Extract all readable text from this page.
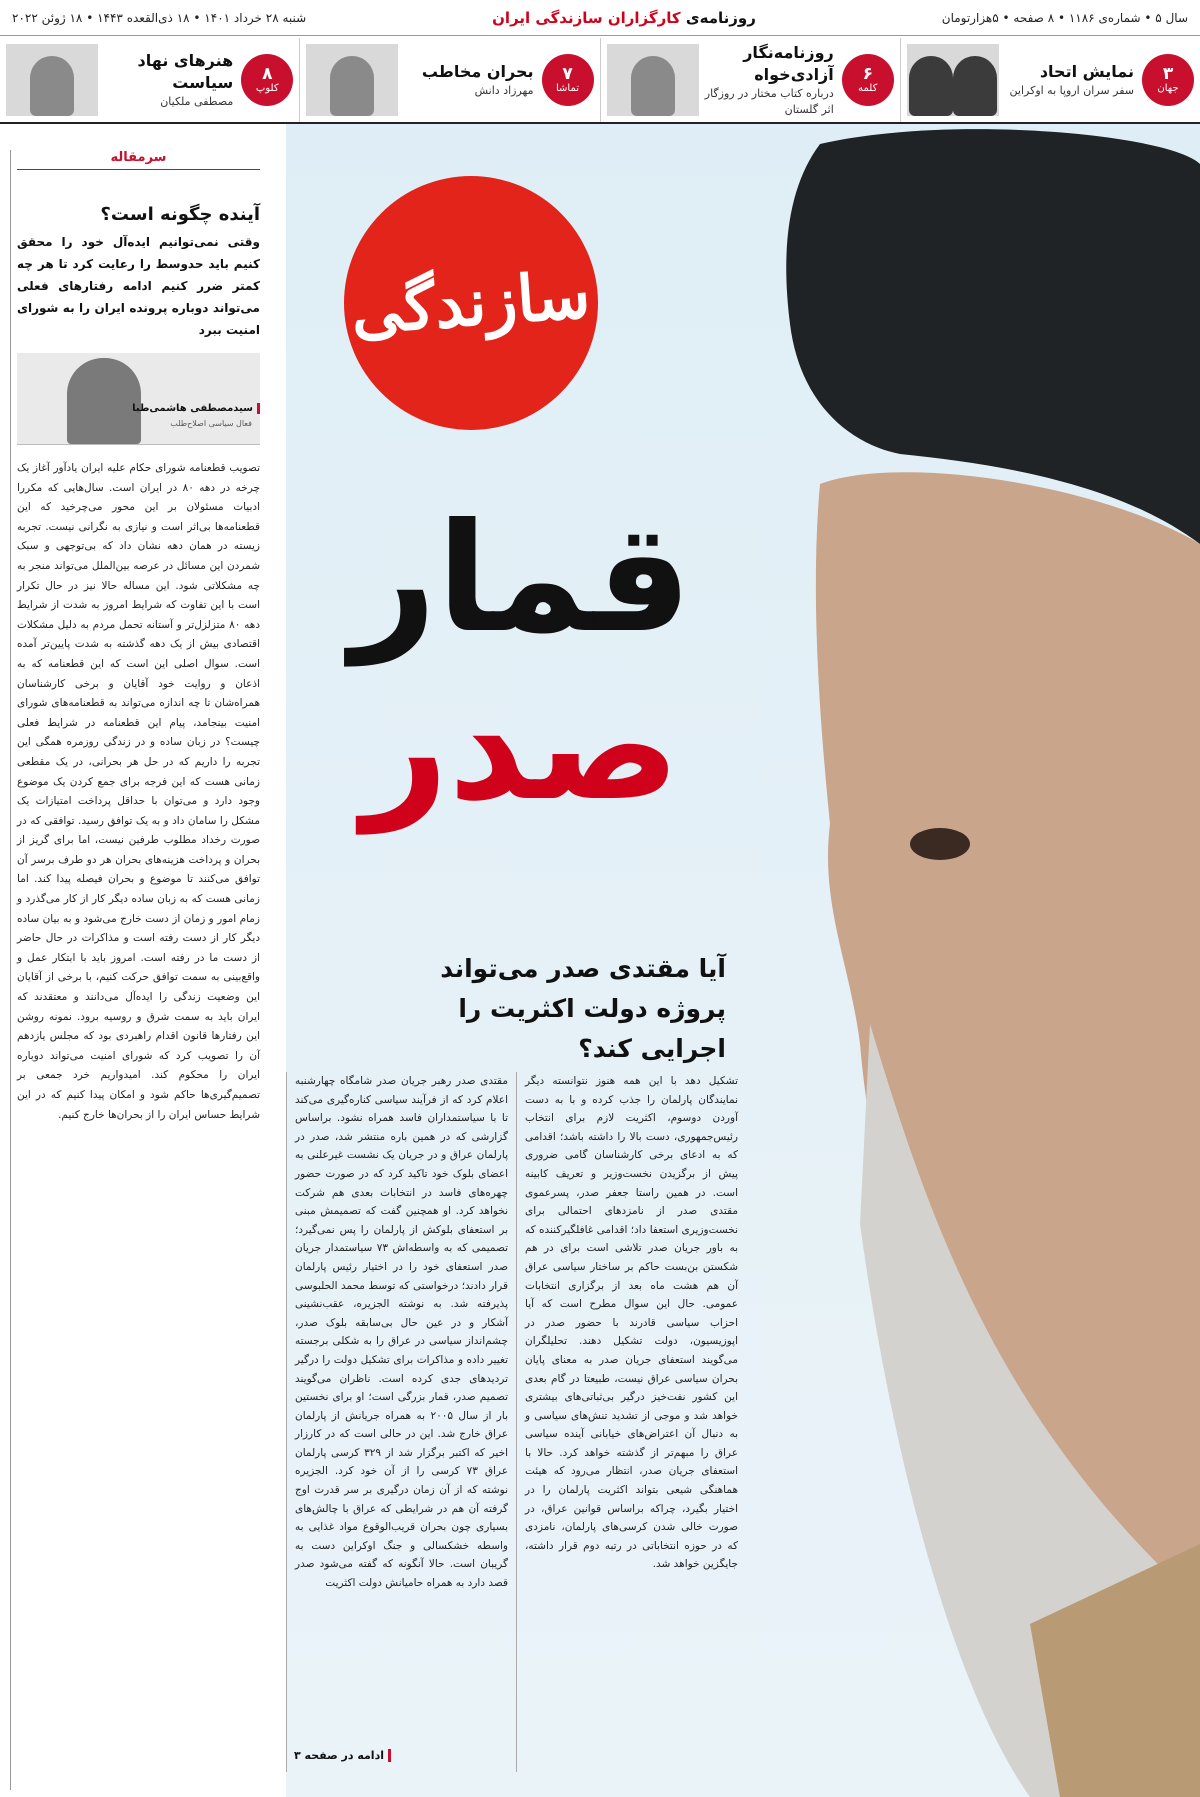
سال ۵ • شماره‌ی ۱۱۸۶ • ۸ صفحه • ۵هزارتومان
روزنامه‌ی کارگزاران سازندگی ایران
شنبه ۲۸ خرداد ۱۴۰۱ • ۱۸ ذی‌القعده ۱۴۴۳ • ۱۸ ژوئن ۲۰۲۲
۳
جهان
نمایش اتحاد
سفر سران اروپا به اوکراین
۶
کلمه
روزنامه‌نگار آزادی‌خواه
درباره کتاب مختار در روزگار اثر گلستان
۷
تماشا
بحران مخاطب
مهرزاد دانش
۸
کلوپ
هنرهای نهاد سیاست
مصطفی ملکیان
سرمقاله
آینده چگونه است؟
وقتی نمی‌توانیم ایده‌آل خود را محقق کنیم باید حدوسط را رعایت کرد تا هر چه کمتر ضرر کنیم ادامه رفتارهای فعلی می‌تواند دوباره پرونده ایران را به شورای امنیت ببرد
سیدمصطفی هاشمی‌طبا
فعال سیاسی اصلاح‌طلب
تصویب قطعنامه شورای حکام علیه ایران یادآور آغاز یک چرخه در دهه ۸۰ در ایران است. سال‌هایی که مکررا ادبیات مسئولان بر این محور می‌چرخید که این قطعنامه‌ها بی‌اثر است و نیازی به نگرانی نیست. تجربه زیسته در همان دهه نشان داد که بی‌توجهی و سبک شمردن این مسائل در عرصه بین‌الملل می‌تواند منجر به چه مشکلاتی شود. این مساله حالا نیز در حال تکرار است با این تفاوت که شرایط امروز به شدت از شرایط دهه ۸۰ متزلزل‌تر و آستانه تحمل مردم به دلیل مشکلات اقتصادی بیش از یک دهه گذشته به شدت پایین‌تر آمده است. سوال اصلی این است که این قطعنامه که به اذعان و روایت خود آقایان و برخی کارشناسان همراه‌شان تا چه اندازه می‌تواند به قطعنامه‌های شورای امنیت بینجامد، پیام این قطعنامه در شرایط فعلی چیست؟ در زبان ساده و در زندگی روزمره همگی این تجربه را داریم که در حل هر بحرانی، در یک مقطعی زمانی هست که این فرجه برای جمع کردن یک موضوع وجود دارد و می‌توان با حداقل پرداخت امتیازات یک مشکل را سامان داد و به یک توافق رسید. توافقی که در صورت رخداد مطلوب طرفین نیست، اما برای گریز از بحران و پرداخت هزینه‌های بحران هر دو طرف برسر آن توافق می‌کنند تا موضوع و بحران فیصله پیدا کند. اما زمانی هست که به زبان ساده دیگر کار از کار می‌گذرد و زمام امور و زمان از دست خارج می‌شود و به بیان ساده دیگر کار از دست رفته است و مذاکرات در حال حاضر از دست ما در رفته است. امروز باید با ابتکار عمل و واقع‌بینی به سمت توافق حرکت کنیم، با برخی از آقایان این وضعیت زندگی را ایده‌آل می‌دانند و معتقدند که ایران باید به سمت شرق و روسیه برود. نمونه روشن این رفتارها قانون اقدام راهبردی بود که مجلس یازدهم آن را تصویب کرد که شورای امنیت می‌تواند دوباره ایران را محکوم کند. امیدواریم خرد جمعی بر تصمیم‌گیری‌ها حاکم شود و امکان پیدا کنیم که در این شرایط حساس ایران را از بحران‌ها خارج کنیم.
سازندگی
قمار
صدر
آیا مقتدی صدر می‌تواند پروژه دولت اکثریت را اجرایی کند؟
تشکیل دهد با این همه هنوز نتوانسته دیگر نمایندگان پارلمان را جذب کرده و با به دست آوردن دوسوم، اکثریت لازم برای انتخاب رئیس‌جمهوری، دست بالا را داشته باشد؛ اقدامی که به ادعای برخی کارشناسان گامی ضروری پیش از برگزیدن نخست‌وزیر و تعریف کابینه است. در همین راستا جعفر صدر، پسرعموی مقتدی صدر از نامزدهای احتمالی برای نخست‌وزیری استعفا داد؛ اقدامی غافلگیرکننده که به باور جریان صدر تلاشی است برای در هم شکستن بن‌بست حاکم بر ساختار سیاسی عراق آن هم هشت ماه بعد از برگزاری انتخابات عمومی. حال این سوال مطرح است که آیا احزاب سیاسی قادرند با حضور صدر در اپوزیسیون، دولت تشکیل دهند. تحلیلگران می‌گویند استعفای جریان صدر به معنای پایان بحران سیاسی عراق نیست، طبیعتا در گام بعدی این کشور نفت‌خیز درگیر بی‌ثباتی‌های بیشتری خواهد شد و موجی از تشدید تنش‌های سیاسی و به دنبال آن اعتراض‌های خیابانی آینده سیاسی عراق را مبهم‌تر از گذشته خواهد کرد. حالا با استعفای جریان صدر، انتظار می‌رود که هیئت هماهنگی شیعی بتواند اکثریت پارلمان را در اختیار بگیرد، چراکه براساس قوانین عراق، در صورت خالی شدن کرسی‌های پارلمان، نامزدی که در حوزه انتخاباتی در رتبه دوم قرار داشته، جایگزین خواهد شد.
مقتدی صدر رهبر جریان صدر شامگاه چهارشنبه اعلام کرد که از فرآیند سیاسی کناره‌گیری می‌کند تا با سیاستمداران فاسد همراه نشود. براساس گزارشی که در همین باره منتشر شد، صدر در پارلمان عراق و در جریان یک نشست غیرعلنی به اعضای بلوک خود تاکید کرد که در صورت حضور چهره‌های فاسد در انتخابات بعدی هم شرکت نخواهد کرد. او همچنین گفت که تصمیمش مبنی بر استعفای بلوکش از پارلمان را پس نمی‌گیرد؛ تصمیمی که به واسطه‌اش ۷۳ سیاستمدار جریان صدر استعفای خود را در اختیار رئیس پارلمان قرار دادند؛ درخواستی که توسط محمد الحلبوسی پذیرفته شد. به نوشته الجزیره، عقب‌نشینی آشکار و در عین حال بی‌سابقه بلوک صدر، چشم‌انداز سیاسی در عراق را به شکلی برجسته تغییر داده و مذاکرات برای تشکیل دولت را درگیر تردیدهای جدی کرده است. ناظران می‌گویند تصمیم صدر، قمار بزرگی است؛ او برای نخستین بار از سال ۲۰۰۵ به همراه جریانش از پارلمان عراق خارج شد. این در حالی است که در کارزار اخیر که اکتبر برگزار شد از ۳۲۹ کرسی پارلمان عراق ۷۳ کرسی را از آن خود کرد. الجزیره نوشته که از آن زمان درگیری بر سر قدرت اوج گرفته آن هم در شرایطی که عراق با چالش‌های بسیاری چون بحران قریب‌الوقوع مواد غذایی به واسطه خشکسالی و جنگ اوکراین دست به گریبان است. حالا آنگونه که گفته می‌شود صدر قصد دارد به همراه حامیانش دولت اکثریت
ادامه در صفحه ۳
